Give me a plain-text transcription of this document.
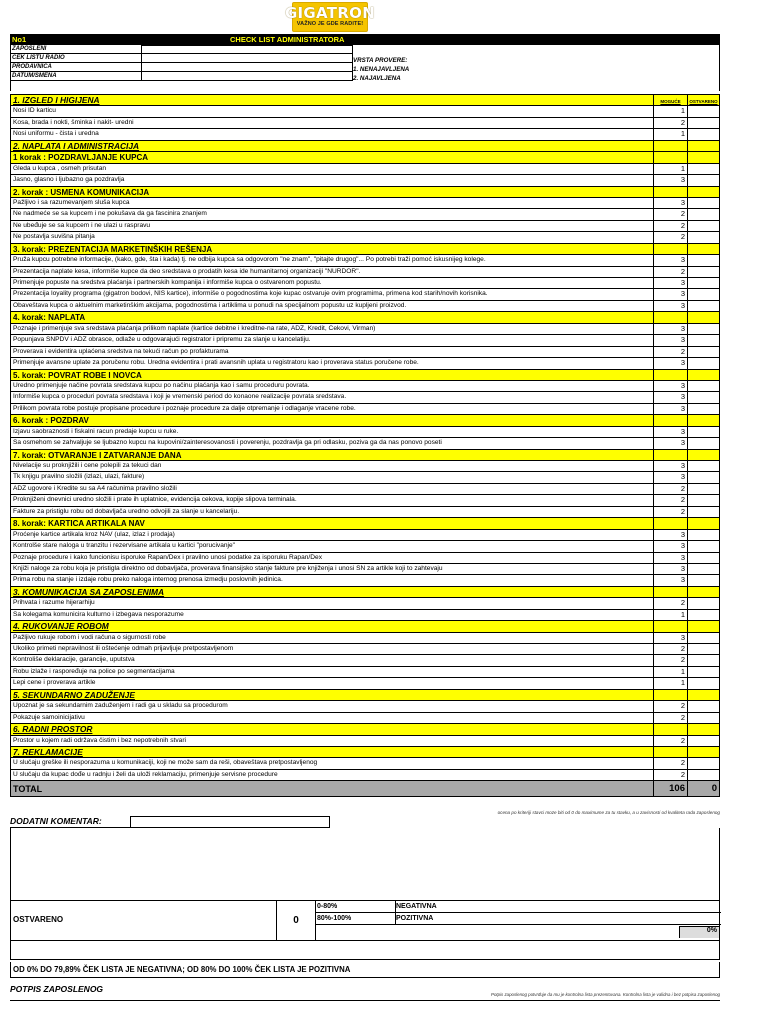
GIGATRON
VAŽNO JE GDE RADITE!
No1	CHECK LIST ADMINISTRATORA
ZAPOSLENI
ČEK LISTU RADIO
PRODAVNICA
DATUM/SMENA
VRSTA PROVERE:
1. NENAJAVLJENA
2. NAJAVLJENA
1. IZGLED I HIGIJENA	MOGUĆE	OSTVARENO
Nosi ID karticu	1
Kosa, brada i nokti, šminka i nakit- uredni	2
Nosi uniformu - čista i uredna	1
2. NAPLATA I ADMINISTRACIJA
1 korak : POZDRAVLJANJE KUPCA
Gleda u kupca , osmeh prisutan	1
Jasno, glasno i ljubazno ga pozdravlja	3
2. korak : USMENA KOMUNIKACIJA
Pažljivo i sa razumevanjem sluša kupca	3
Ne nadmeće se sa kupcem i ne pokušava da ga fascinira znanjem	2
Ne ubeđuje se sa kupcem i ne ulazi u raspravu	2
Ne postavlja suvišna pitanja	2
3. korak: PREZENTACIJA MARKETINŠKIH REŠENJA
Pruža kupcu potrebne informacije, (kako, gde, šta i kada) tj. ne odbija kupca sa odgovorom "ne znam", "pitajte drugog"... Po potrebi traži pomoć iskusnijeg kolege.	3
Prezentacija naplate kesa, informiše kupce da deo sredstava o prodatih kesa ide humanitarnoj organizaciji "NURDOR".	2
Primenjuje popuste na sredstva plaćanja i partnerskih kompanija i informiše kupca o ostvarenom popustu.	3
Prezentacija loyality programa (gigatron bodovi, NIS kartice), informiše o pogodnostima koje kupac ostvaruje ovim programima, primena kod starih/novih korisnika.	3
Obaveštava kupca o aktuelnim marketinškim akcijama, pogodnostima i artiklima u ponudi na specijalnom popustu uz kupljeni proizvod.	3
4. korak: NAPLATA
Poznaje i primenjuje sva sredstava plaćanja prilikom naplate (kartice debitne i kreditne-na rate, ADZ, Kredit, Cekovi, Virman)	3
Popunjava SNPDV i ADZ obrasce, odlaže u odgovarajući registrator i pripremu za slanje u kancelatiju.	3
Proverava i evidentira uplaćena sredstva na tekući račun po profakturama	2
Primenjuje avansne uplate za poručenu robu. Uredna evidentira i prati avansnih uplata u registratoru kao i proverava status poručene robe.	3
5. korak: POVRAT ROBE I NOVCA
Uredno primenjuje načine povrata sredstava kupcu po načinu plaćanja kao i samu proceduru povrata.	3
Informiše kupca o proceduri povrata sredstava i koji je vremenski period do konaone realizacije povrata sredstava.	3
Prilikom povrata robe postuje propisane procedure i poznaje procedure za dalje otpremanje i odlaganje vracene robe.	3
6. korak : POZDRAV
Izjavu saobraznosti i fiskalni racun predaje kupcu u ruke.	3
Sa osmehom se zahvaljuje se ljubazno kupcu na kupovini/zainteresovanosti i poverenju, pozdravlja ga pri odlasku, poziva ga da nas ponovo poseti	3
7. korak: OTVARANJE I ZATVARANJE DANA
Nivelacije su proknjižili i cene polepili za tekuci dan	3
Tk knjigu pravilno složili (izlazi, ulazi, fakture)	3
ADZ ugovore i Kredite su sa A4 računima pravilno složili	2
Proknjiženi dnevnici uredno složili i prate ih uplatnice, evidencija cekova, kopije slipova terminala.	2
Fakture za pristiglu robu od dobavljača uredno odvojili za slanje u kancelariju.	2
8. korak: KARTICA ARTIKALA NAV
Proćenje kartice artikala kroz NAV (ulaz, izlaz i prodaja)	3
Kontrolše stare naloga u tranzitu i rezervisane artikala u kartici "porucivanje"	3
Poznaje procedure i kako funcionisu isporuke Rapan/Dex i pravilno unosi podatke za isporuku Rapan/Dex	3
Knjiži naloge za robu koja je pristigla direktno od dobavljača, proverava finansijsko stanje fakture pre knjiženja i unosi SN za artikle koji to zahtevaju	3
Prima robu na stanje i izdaje robu preko naloga internog prenosa izmedju poslovnih jedinica.	3
3. KOMUNIKACIJA SA ZAPOSLENIMA
Prihvata i razume hijerarhiju	2
Sa kolegama komunicira kulturno i izbegava nesporazume	1
4. RUKOVANJE ROBOM
Pažljivo rukuje robom i vodi računa o sigurnosti robe	3
Ukoliko primeti nepravilnost ili oštećenje odmah prijavljuje pretpostavljenom	2
Kontroliše deklaracije, garancije, uputstva	2
Robu izlaže i raspoređuje na police po segmentacijama	1
Lepi cene i proverava artikle	1
5. SEKUNDARNO ZADUŽENJE
Upoznat je sa sekundarnim zaduženjem i radi ga u skladu sa procedurom	2
Pokazuje samoinicijativu	2
6. RADNI PROSTOR
Prostor u kojem radi održava čistim i bez nepotrebnih stvari	2
7. REKLAMACIJE
U slučaju greške ili nesporazuma u komunikaciji, koji ne može sam da reši, obaveštava pretpostavljenog	2
U slučaju da kupac dođe u radnju i želi da uloži reklamaciju, primenjuje servisne procedure	2
TOTAL	106	0
ocena po kriteriji stavci moze biti od 0 do maximume za tu stavku, a u zavisnosti od kvaliteta rada zaposlenog
DODATNI KOMENTAR:
OSTVARENO	0
0-80%	NEGATIVNA
80%-100%	POZITIVNA
0%
OD 0% DO 79,89% ČEK LISTA JE NEGATIVNA; OD 80% DO 100% ČEK LISTA JE POZITIVNA
POTPIS ZAPOSLENOG
Potpis zaposlenog potvrđuje da mu je kontrolna lista prezentovana. Kontrolna lista je validna i bez potpisa zaposlenog
